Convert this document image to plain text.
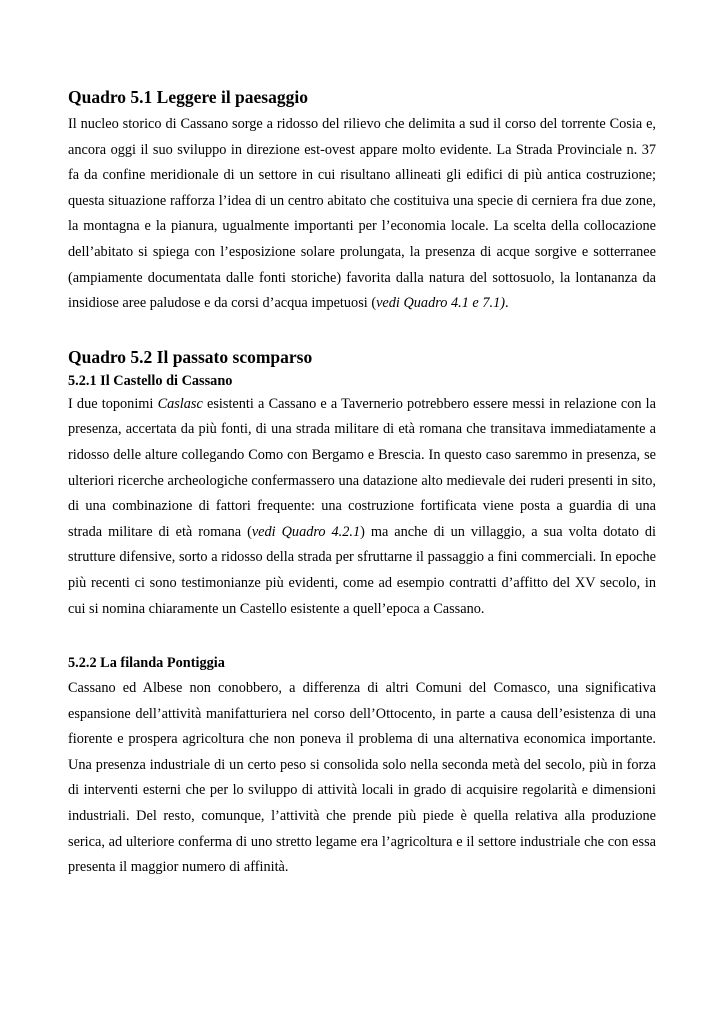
Quadro 5.1 Leggere il paesaggio

Il nucleo storico di Cassano sorge a ridosso del rilievo che delimita a sud il corso del torrente Cosia e, ancora oggi il suo sviluppo in direzione est-ovest appare molto evidente. La Strada Provinciale n. 37 fa da confine meridionale di un settore in cui risultano allineati gli edifici di più antica costruzione; questa situazione rafforza l’idea di un centro abitato che costituiva una specie di cerniera fra due zone, la montagna e la pianura, ugualmente importanti per l’economia locale. La scelta della collocazione dell’abitato si spiega con l’esposizione solare prolungata, la presenza di acque sorgive e sotterranee (ampiamente documentata dalle fonti storiche) favorita dalla natura del sottosuolo, la lontananza da insidiose aree paludose e da corsi d’acqua impetuosi (vedi Quadro 4.1 e 7.1).

Quadro 5.2 Il passato scomparso
5.2.1 Il Castello di Cassano

I due toponimi Caslasc esistenti a Cassano e a Tavernerio potrebbero essere messi in relazione con la presenza, accertata da più fonti, di una strada militare di età romana che transitava immediatamente a ridosso delle alture collegando Como con Bergamo e Brescia. In questo caso saremmo in presenza, se ulteriori ricerche archeologiche confermassero una datazione alto medievale dei ruderi presenti in sito, di una combinazione di fattori frequente: una costruzione fortificata viene posta a guardia di una strada militare di età romana (vedi Quadro 4.2.1) ma anche di un villaggio, a sua volta dotato di strutture difensive, sorto a ridosso della strada per sfruttarne il passaggio a fini commerciali. In epoche più recenti ci sono testimonianze più evidenti, come ad esempio contratti d’affitto del XV secolo, in cui si nomina chiaramente un Castello esistente a quell’epoca a Cassano.

5.2.2 La filanda Pontiggia

Cassano ed Albese non conobbero, a differenza di altri Comuni del Comasco, una significativa espansione dell’attività manifatturiera nel corso dell’Ottocento, in parte a causa dell’esistenza di una fiorente e prospera agricoltura che non poneva il problema di una alternativa economica importante. Una presenza industriale di un certo peso si consolida solo nella seconda metà del secolo, più in forza di interventi esterni che per lo sviluppo di attività locali in grado di acquisire regolarità e dimensioni industriali. Del resto, comunque, l’attività che prende più piede è quella relativa alla produzione serica, ad ulteriore conferma di uno stretto legame era l’agricoltura e il settore industriale che con essa presenta il maggior numero di affinità.
